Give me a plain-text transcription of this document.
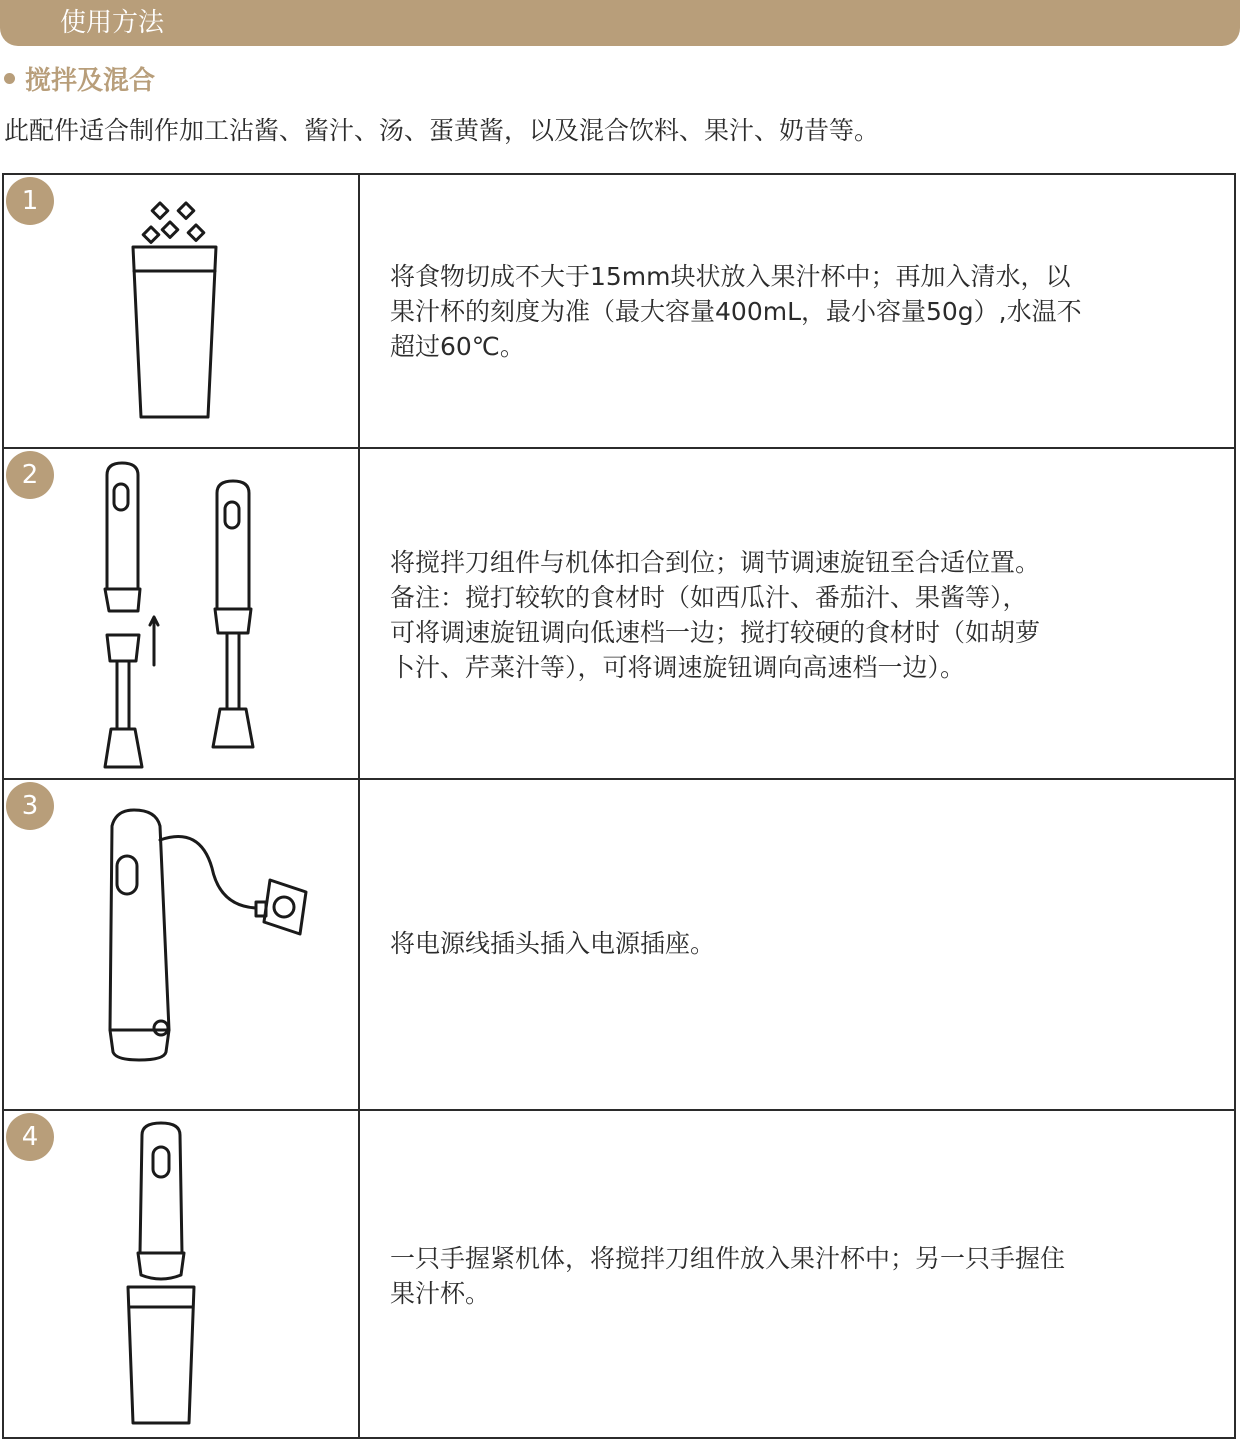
使用方法
搅拌及混合
此配件适合制作加工沾酱、酱汁、汤、蛋黄酱，以及混合饮料、果汁、奶昔等。
1
将食物切成不大于15mm块状放入果汁杯中；再加入清水，以
果汁杯的刻度为准（最大容量400mL，最小容量50g）,水温不
超过60℃。
2
将搅拌刀组件与机体扣合到位；调节调速旋钮至合适位置。
备注：搅打较软的食材时（如西瓜汁、番茄汁、果酱等），
可将调速旋钮调向低速档一边；搅打较硬的食材时（如胡萝
卜汁、芹菜汁等），可将调速旋钮调向高速档一边）。
3
将电源线插头插入电源插座。
4
一只手握紧机体，将搅拌刀组件放入果汁杯中；另一只手握住
果汁杯。
